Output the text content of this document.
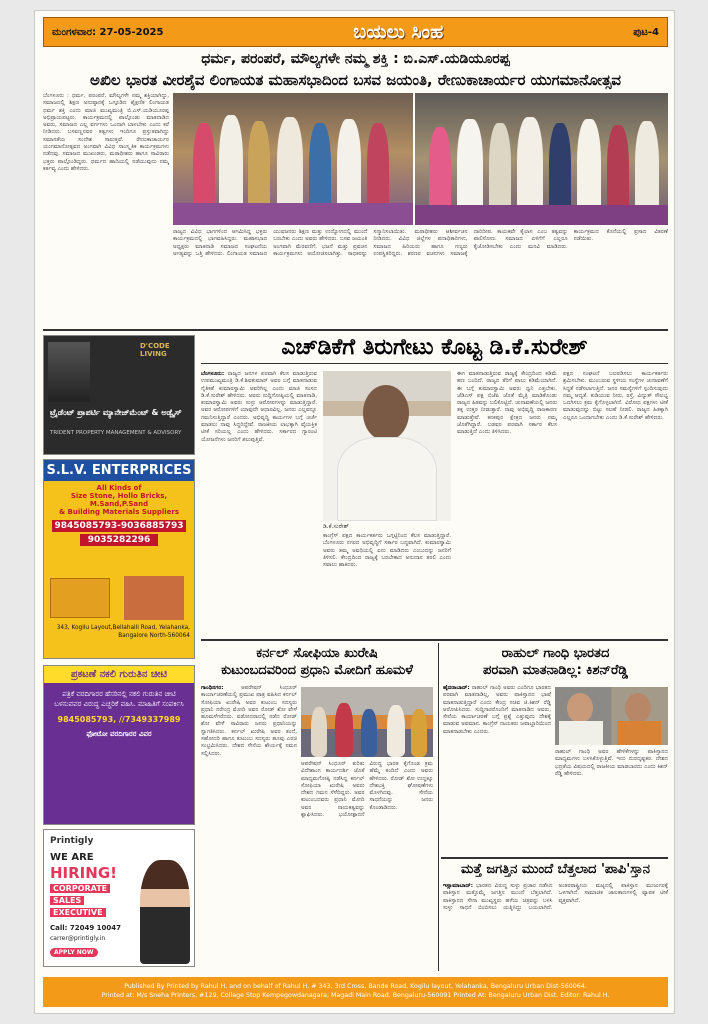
ಮಂಗಳವಾರ: 27-05-2025	ಬಯಲು ಸಿಂಹ	ಪುಟ-4
ಧರ್ಮ, ಪರಂಪರೆ, ಮೌಲ್ಯಗಳೇ ನಮ್ಮ ಶಕ್ತಿ : ಬಿ.ಎಸ್.ಯಡಿಯೂರಪ್ಪ
ಅಖಿಲ ಭಾರತ ವೀರಶೈವ ಲಿಂಗಾಯತ ಮಹಾಸಭಾದಿಂದ ಬಸವ ಜಯಂತಿ, ರೇಣುಕಾಚಾರ್ಯರ ಯುಗಮಾನೋತ್ಸವ
ಬೆಂಗಳೂರು : ಧರ್ಮ, ಪರಂಪರೆ, ಮೌಲ್ಯಗಳೇ ನಮ್ಮ ಶಕ್ತಿಯಾಗಿದ್ದು, ಸಮಾಜದಲ್ಲಿ ಶಿಕ್ಷಣ ಅನುಷ್ಠಾನಕ್ಕೆ ಒಗ್ಗೂಡಿದ ಶೈಕ್ಷಣಿಕ ಲಿಂಗಾಯತ ಧರ್ಮ ಶಕ್ತಿ ಎಂದು ಮಾಜಿ ಮುಖ್ಯಮಂತ್ರಿ ಬಿ.ಎಸ್.ಯಡಿಯೂರಪ್ಪ ಅಭಿಪ್ರಾಯಪಟ್ಟರು. ಕಾರ್ಯಕ್ರಮದಲ್ಲಿ ಪಾಲ್ಗೊಂಡು ಮಾತನಾಡಿದ ಅವರು, ಸಮಾಜದ ಎಲ್ಲ ವರ್ಗಗಳು ಒಂದಾಗಿ ಬಾಳಬೇಕು ಎಂದು ಕರೆ ನೀಡಿದರು. ಬಸವಣ್ಣನವರ ತತ್ವಗಳು ಇಂದಿಗೂ ಪ್ರಸ್ತುತವಾಗಿದ್ದು ಸಮಾನತೆಯ ಸಂದೇಶ ಸಾರುತ್ತವೆ. ರೇಣುಕಾಚಾರ್ಯರ ಯುಗಮಾನೋತ್ಸವದ ಅಂಗವಾಗಿ ವಿವಿಧ ಸಾಂಸ್ಕೃತಿಕ ಕಾರ್ಯಕ್ರಮಗಳು ನಡೆದವು. ಸಮಾಜದ ಮುಖಂಡರು, ಮಠಾಧೀಶರು ಹಾಗೂ ಸಾವಿರಾರು ಭಕ್ತರು ಪಾಲ್ಗೊಂಡಿದ್ದರು. ಧರ್ಮದ ಹಾದಿಯಲ್ಲಿ ನಡೆಯುವುದು ನಮ್ಮ ಕರ್ತವ್ಯ ಎಂದು ಹೇಳಿದರು.
ರಾಜ್ಯದ ವಿವಿಧ ಭಾಗಗಳಿಂದ ಆಗಮಿಸಿದ್ದ ಭಕ್ತರು ಕಾರ್ಯಕ್ರಮದಲ್ಲಿ ಭಾಗವಹಿಸಿದ್ದರು. ಮಹಾಸಭಾದ ಅಧ್ಯಕ್ಷರು ಮಾತನಾಡಿ ಸಮಾಜದ ಸಂಘಟನೆಯ ಅಗತ್ಯವನ್ನು ಒತ್ತಿ ಹೇಳಿದರು. ಲಿಂಗಾಯತ ಸಮಾಜದ ಯುವಜನರು ಶಿಕ್ಷಣ ಮತ್ತು ಉದ್ಯೋಗದಲ್ಲಿ ಮುಂದೆ ಬರಬೇಕು ಎಂದು ಅವರು ಹೇಳಿದರು. ಬಸವ ಜಯಂತಿ ಅಂಗವಾಗಿ ಮೆರವಣಿಗೆ, ಭಜನೆ ಮತ್ತು ಪ್ರವಚನ ಕಾರ್ಯಕ್ರಮಗಳು ಆಯೋಜಿಸಲಾಗಿತ್ತು. ಸಾಧಕರನ್ನು ಸನ್ಮಾನಿಸಲಾಯಿತು. ಮಠಾಧೀಶರು ಆಶೀರ್ವಚನ ನೀಡಿದರು. ವಿವಿಧ ಜಿಲ್ಲೆಗಳ ಪದಾಧಿಕಾರಿಗಳು, ಸಮಾಜದ ಹಿರಿಯರು ಹಾಗೂ ಗಣ್ಯರು ಉಪಸ್ಥಿತರಿದ್ದರು. ಶರಣರ ವಚನಗಳು ಸಮಾಜಕ್ಕೆ ದಾರಿದೀಪ. ಕಾಯಕವೇ ಕೈಲಾಸ ಎಂಬ ತತ್ವವನ್ನು ಪಾಲಿಸೋಣ. ಸಮಾಜದ ಏಳಿಗೆಗೆ ಎಲ್ಲರೂ ಕೈಜೋಡಿಸಬೇಕು ಎಂದು ಮನವಿ ಮಾಡಿದರು. ಕಾರ್ಯಕ್ರಮದ ಕೊನೆಯಲ್ಲಿ ಪ್ರಸಾದ ವಿತರಣೆ ನಡೆಯಿತು.
D'CODE LIVING
ಟ್ರೈಡೆಂಟ್ ಪ್ರಾಪರ್ಟಿ ಮ್ಯಾನೇಜ್‌ಮೆಂಟ್ & ಅಡ್ವೈಸ್
TRIDENT PROPERTY MANAGEMENT & ADVISORY
S.L.V. ENTERPRICES
All Kinds of
Size Stone, Hollo Bricks, M.Sand,P.Sand
& Building Materials Suppliers
9845085793-9036885793
9035282296
343, Kogilu Layout,Bellahalli Road, Yelahanka, Bangalore North-560064
ಪ್ರಕಟಣೆ ನಕಲಿ ಗುರುತಿನ ಚೀಟಿ
ಪತ್ರಿಕೆ ವರದಿಗಾರರ ಹೆಸರಿನಲ್ಲಿ ನಕಲಿ ಗುರುತಿನ ಚೀಟಿ ಬಳಸುವವರ ವಿರುದ್ಧ ಎಚ್ಚರಿಕೆ ವಹಿಸಿ. ಮಾಹಿತಿಗೆ ಸಂಪರ್ಕಿಸಿ
9845085793, //7349337989
ಫೋಟೋ ವರದಿಗಾರರ ವಿವರ
Printigly
WE ARE
HIRING!
CORPORATE
SALES
EXECUTIVE
Call: 72049 10047
carrer@printigly.in
APPLY NOW
ಎಚ್‌ಡಿಕೆಗೆ ತಿರುಗೇಟು ಕೊಟ್ಟ ಡಿ.ಕೆ.ಸುರೇಶ್
ಬೆಂಗಳೂರು: ರಾಜ್ಯದ ಜನಗಳ ಪರವಾಗಿ ಕೆಲಸ ಮಾಡುತ್ತಿರುವ ಉಪಮುಖ್ಯಮಂತ್ರಿ ಡಿ.ಕೆ.ಶಿವಕುಮಾರ್ ಅವರ ಬಗ್ಗೆ ಮಾತನಾಡುವ ನೈತಿಕತೆ ಕುಮಾರಸ್ವಾಮಿ ಅವರಿಗಿಲ್ಲ ಎಂದು ಮಾಜಿ ಸಂಸದ ಡಿ.ಕೆ.ಸುರೇಶ್ ಹೇಳಿದರು. ಅವರು ಸುದ್ದಿಗೋಷ್ಠಿಯಲ್ಲಿ ಮಾತನಾಡಿ, ಕುಮಾರಸ್ವಾಮಿ ಅವರು ಸುಳ್ಳು ಆರೋಪಗಳನ್ನು ಮಾಡುತ್ತಿದ್ದಾರೆ. ಅವರ ಆರೋಪಗಳಿಗೆ ಯಾವುದೇ ಆಧಾರವಿಲ್ಲ. ಜನರು ಎಲ್ಲವನ್ನೂ ಗಮನಿಸುತ್ತಿದ್ದಾರೆ ಎಂದರು. ಅಭಿವೃದ್ಧಿ ಕಾರ್ಯಗಳ ಬಗ್ಗೆ ಚರ್ಚೆ ಮಾಡಲು ನಾವು ಸಿದ್ಧರಿದ್ದೇವೆ. ರಾಜಕೀಯ ಲಾಭಕ್ಕಾಗಿ ವೈಯಕ್ತಿಕ ಟೀಕೆ ಸರಿಯಲ್ಲ ಎಂದು ಹೇಳಿದರು. ಸರ್ಕಾರದ ಗ್ಯಾರಂಟಿ ಯೋಜನೆಗಳು ಜನರಿಗೆ ತಲುಪುತ್ತಿವೆ.
ಡಿ.ಕೆ.ಸುರೇಶ್
ಕಾಂಗ್ರೆಸ್ ಪಕ್ಷದ ಕಾರ್ಯಕರ್ತರು ಒಗ್ಗಟ್ಟಿನಿಂದ ಕೆಲಸ ಮಾಡುತ್ತಿದ್ದಾರೆ. ಬೆಂಗಳೂರು ನಗರದ ಅಭಿವೃದ್ಧಿಗೆ ಸರ್ಕಾರ ಬದ್ಧವಾಗಿದೆ. ಕುಮಾರಸ್ವಾಮಿ ಅವರು ತಮ್ಮ ಅವಧಿಯಲ್ಲಿ ಏನು ಮಾಡಿದರು ಎಂಬುದನ್ನು ಜನರಿಗೆ ತಿಳಿಸಲಿ. ಕೇಂದ್ರದಿಂದ ರಾಜ್ಯಕ್ಕೆ ಬರಬೇಕಾದ ಅನುದಾನ ತರಲಿ ಎಂದು ಸವಾಲು ಹಾಕಿದರು.
ಈಗ ಮಾತನಾಡುತ್ತಿರುವ ರಾಜ್ಯಕ್ಕೆ ಕೇಂದ್ರದಿಂದ ಕಡಿಮೆ ಹಣ ಬಂದಿದೆ. ರಾಜ್ಯದ ತೆರಿಗೆ ಪಾಲು ಕಡಿಮೆಯಾಗಿದೆ. ಈ ಬಗ್ಗೆ ಕುಮಾರಸ್ವಾಮಿ ಅವರು ಧ್ವನಿ ಎತ್ತಬೇಕು. ಜೆಡಿಎಸ್ ಪಕ್ಷ ಬಿಜೆಪಿ ಜೊತೆ ಮೈತ್ರಿ ಮಾಡಿಕೊಂಡು ರಾಜ್ಯದ ಹಿತವನ್ನು ಬಲಿಕೊಟ್ಟಿದೆ. ಚುನಾವಣೆಯಲ್ಲಿ ಜನರು ತಕ್ಕ ಉತ್ತರ ನೀಡುತ್ತಾರೆ. ನಾವು ಅಭಿವೃದ್ಧಿ ರಾಜಕಾರಣ ಮಾಡುತ್ತೇವೆ. ಕನಕಪುರ ಕ್ಷೇತ್ರದ ಜನರು ನಮ್ಮ ಜೊತೆಗಿದ್ದಾರೆ. ಬಡವರ ಪರವಾಗಿ ಸರ್ಕಾರ ಕೆಲಸ ಮಾಡುತ್ತಿದೆ ಎಂದು ತಿಳಿಸಿದರು.
ಪಕ್ಷದ ಸಂಘಟನೆ ಬಲಪಡಿಸಲು ಕಾರ್ಯಕರ್ತರು ಶ್ರಮಿಸಬೇಕು. ಮುಂಬರುವ ಸ್ಥಳೀಯ ಸಂಸ್ಥೆಗಳ ಚುನಾವಣೆಗೆ ಸಿದ್ಧತೆ ನಡೆಸಲಾಗುತ್ತಿದೆ. ಜನರ ಸಮಸ್ಯೆಗಳಿಗೆ ಸ್ಪಂದಿಸುವುದು ನಮ್ಮ ಆದ್ಯತೆ. ಕುಡಿಯುವ ನೀರು, ರಸ್ತೆ, ವಿದ್ಯುತ್ ಸೌಲಭ್ಯ ಒದಗಿಸಲು ಕ್ರಮ ಕೈಗೊಳ್ಳಲಾಗಿದೆ. ವಿರೋಧ ಪಕ್ಷಗಳು ಟೀಕೆ ಮಾಡುವುದನ್ನು ಬಿಟ್ಟು ಸಲಹೆ ನೀಡಲಿ. ರಾಜ್ಯದ ಹಿತಕ್ಕಾಗಿ ಎಲ್ಲರೂ ಒಂದಾಗಬೇಕು ಎಂದು ಡಿ.ಕೆ.ಸುರೇಶ್ ಹೇಳಿದರು.
ಕರ್ನಲ್ ಸೋಫಿಯಾ ಖುರೇಷಿ
ಕುಟುಂಬದವರಿಂದ ಪ್ರಧಾನಿ ಮೋದಿಗೆ ಹೂಮಳೆ
ಗಾಂಧಿನಗರ:	ಆಪರೇಷನ್ ಸಿಂಧೂರ್ ಕಾರ್ಯಾಚರಣೆಯಲ್ಲಿ ಪ್ರಮುಖ ಪಾತ್ರ ವಹಿಸಿದ ಕರ್ನಲ್ ಸೋಫಿಯಾ ಖುರೇಷಿ ಅವರ ಕುಟುಂಬ ಸದಸ್ಯರು ಪ್ರಧಾನಿ ನರೇಂದ್ರ ಮೋದಿ ಅವರ ರೋಡ್ ಶೋ ವೇಳೆ ಹೂಮಳೆಗರೆದರು. ವಡೋದರಾದಲ್ಲಿ ನಡೆದ ರೋಡ್ ಶೋ ವೇಳೆ ಸಾವಿರಾರು ಜನರು ಪ್ರಧಾನಿಯನ್ನು ಸ್ವಾಗತಿಸಿದರು. ಕರ್ನಲ್ ಖುರೇಷಿ ಅವರ ತಂದೆ, ಸಹೋದರಿ ಹಾಗೂ ಕುಟುಂಬ ಸದಸ್ಯರು ಹೂವು ಎರಚಿ ಸಂಭ್ರಮಿಸಿದರು. ದೇಶದ ಸೇನೆಯ ಶೌರ್ಯಕ್ಕೆ ನಮನ ಸಲ್ಲಿಸಿದರು.
ಆಪರೇಷನ್ ಸಿಂಧೂರ್ ಕುರಿತು ವಿದೇಶಾಂಗ ಕಾರ್ಯದರ್ಶಿ ಜೊತೆ ಮಾಧ್ಯಮಗೋಷ್ಠಿ ನಡೆಸಿದ್ದ ಕರ್ನಲ್ ಸೋಫಿಯಾ ಖುರೇಷಿ ಅವರು ದೇಶದ ಗಮನ ಸೆಳೆದಿದ್ದರು. ಅವರ ಕುಟುಂಬದವರು ಪ್ರಧಾನಿ ಮೋದಿ ಅವರ ನಾಯಕತ್ವವನ್ನು ಶ್ಲಾಘಿಸಿದರು. ಭಯೋತ್ಪಾದನೆ ವಿರುದ್ಧ ಭಾರತ ಕೈಗೊಂಡ ಕ್ರಮ ಹೆಮ್ಮೆ ತಂದಿದೆ ಎಂದು ಅವರು ಹೇಳಿದರು. ರೋಡ್ ಶೋ ಉದ್ದಕ್ಕೂ ದೇಶಭಕ್ತಿ ಘೋಷಣೆಗಳು ಮೊಳಗಿದವು. ಸೇನೆಯ ಸಾಧನೆಯನ್ನು ಜನರು ಕೊಂಡಾಡಿದರು.
ರಾಹುಲ್ ಗಾಂಧಿ ಭಾರತದ
ಪರವಾಗಿ ಮಾತನಾಡಿಲ್ಲ: ಕಿಶನ್‌ರೆಡ್ಡಿ
ಹೈದರಾಬಾದ್: ರಾಹುಲ್ ಗಾಂಧಿ ಅವರು ಎಂದಿಗೂ ಭಾರತದ ಪರವಾಗಿ ಮಾತನಾಡಿಲ್ಲ, ಅವರು ಪಾಕಿಸ್ತಾನದ ಭಾಷೆ ಮಾತನಾಡುತ್ತಿದ್ದಾರೆ ಎಂದು ಕೇಂದ್ರ ಸಚಿವ ಜಿ.ಕಿಶನ್ ರೆಡ್ಡಿ ಆರೋಪಿಸಿದರು. ಸುದ್ದಿಗಾರರೊಂದಿಗೆ ಮಾತನಾಡಿದ ಅವರು, ಸೇನೆಯ ಕಾರ್ಯಾಚರಣೆ ಬಗ್ಗೆ ಪ್ರಶ್ನೆ ಎತ್ತುವುದು ದೇಶಕ್ಕೆ ಮಾಡುವ ಅವಮಾನ. ಕಾಂಗ್ರೆಸ್ ನಾಯಕರು ಜವಾಬ್ದಾರಿಯಿಂದ ಮಾತನಾಡಬೇಕು ಎಂದರು.
ರಾಹುಲ್ ಗಾಂಧಿ ಅವರ ಹೇಳಿಕೆಗಳನ್ನು ಪಾಕಿಸ್ತಾನದ ಮಾಧ್ಯಮಗಳು ಬಳಸಿಕೊಳ್ಳುತ್ತಿವೆ. ಇದು ದುರದೃಷ್ಟಕರ. ದೇಶದ ಭದ್ರತೆಯ ವಿಷಯದಲ್ಲಿ ರಾಜಕೀಯ ಮಾಡಬಾರದು ಎಂದು ಕಿಶನ್ ರೆಡ್ಡಿ ಹೇಳಿದರು.
ಮತ್ತೆ ಜಗತ್ತಿನ ಮುಂದೆ ಬೆತ್ತಲಾದ 'ಪಾಪಿ'ಸ್ತಾನ
ಇಸ್ಲಾಮಾಬಾದ್: ಭಾರತದ ವಿರುದ್ಧ ಸುಳ್ಳು ಪ್ರಚಾರ ನಡೆಸಿದ ಪಾಕಿಸ್ತಾನ ಮತ್ತೊಮ್ಮೆ ಜಗತ್ತಿನ ಮುಂದೆ ಬೆತ್ತಲಾಗಿದೆ. ಪಾಕಿಸ್ತಾನದ ಸೇನಾ ಮುಖ್ಯಸ್ಥರು ಹಳೆಯ ಚಿತ್ರವನ್ನು ಬಳಸಿ ಸುಳ್ಳು ಸಾಧನೆ ಬಿಂಬಿಸಲು ಯತ್ನಿಸಿದ್ದು ಬಯಲಾಗಿದೆ. ಅಂತರರಾಷ್ಟ್ರೀಯ ಮಟ್ಟದಲ್ಲಿ ಪಾಕಿಸ್ತಾನ ಮುಜುಗರಕ್ಕೆ ಒಳಗಾಗಿದೆ. ಸಾಮಾಜಿಕ ಜಾಲತಾಣಗಳಲ್ಲಿ ವ್ಯಾಪಕ ಟೀಕೆ ವ್ಯಕ್ತವಾಗಿದೆ.
Published By Printed by Rahul H, and on behalf of Rahul H, # 343, 3rd Cross, Bande Road, Kogilu layout, Yelahanka, Bengaluru Urban Dist-560064.
Printed at: M/s Sneha Printers, #129, Collage Stop Kempegowdanagara, Magadi Main Road, Bengaluru-560091 Printed At: Bengaluru Urban Dist. Editor: Rahul H.
